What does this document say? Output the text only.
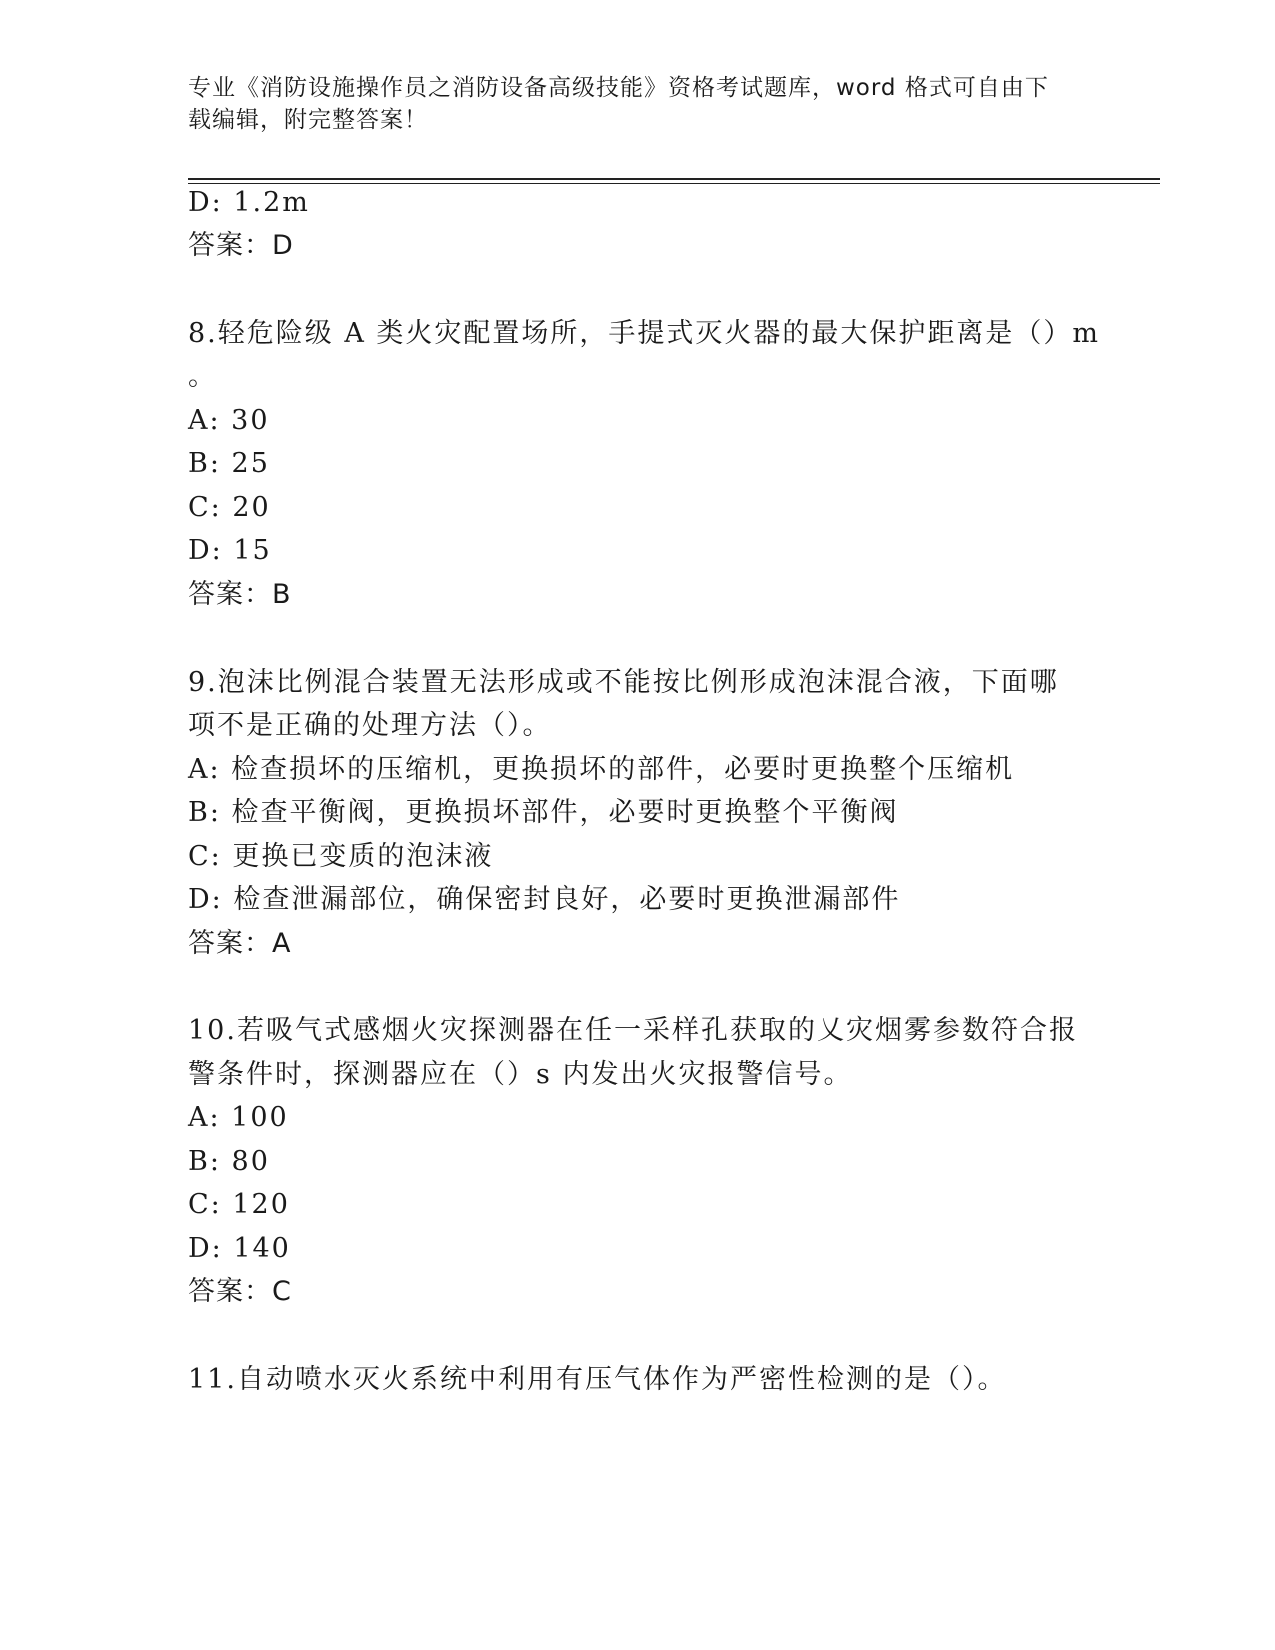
专业《消防设施操作员之消防设备高级技能》资格考试题库，word 格式可自由下
载编辑，附完整答案！
D: 1.2m
答案：D
8.轻危险级 A 类火灾配置场所，手提式灭火器的最大保护距离是（）m
。
A: 30
B: 25
C: 20
D: 15
答案：B
9.泡沫比例混合装置无法形成或不能按比例形成泡沫混合液，下面哪
项不是正确的处理方法（）。
A: 检查损坏的压缩机，更换损坏的部件，必要时更换整个压缩机
B: 检查平衡阀，更换损坏部件，必要时更换整个平衡阀
C: 更换已变质的泡沫液
D: 检查泄漏部位，确保密封良好，必要时更换泄漏部件
答案：A
10.若吸气式感烟火灾探测器在任一采样孔获取的乂灾烟雾参数符合报
警条件时，探测器应在（）s 内发出火灾报警信号。
A: 100
B: 80
C: 120
D: 140
答案：C
11.自动喷水灭火系统中利用有压气体作为严密性检测的是（）。
